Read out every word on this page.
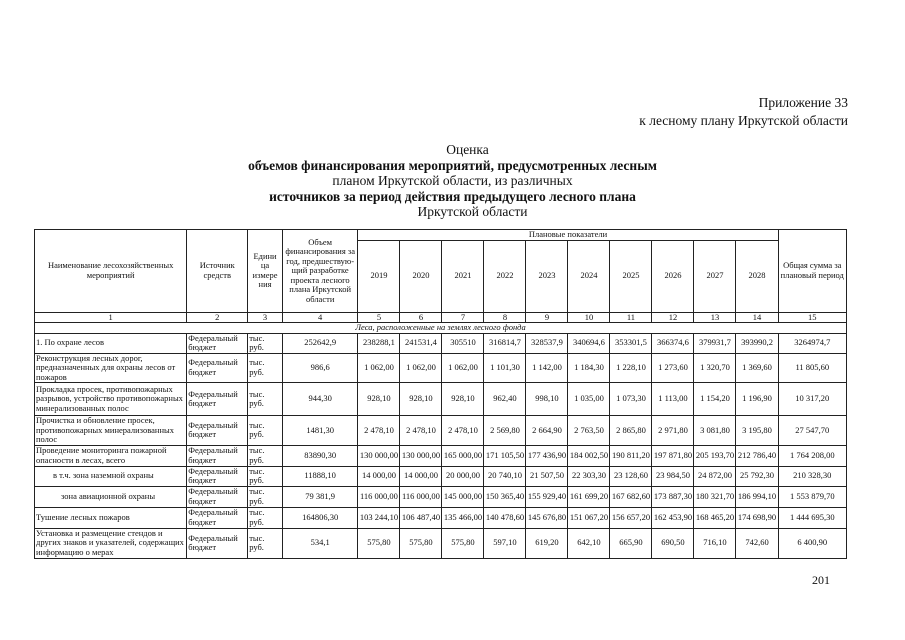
Приложение 33
к лесному плану Иркутской области
Оценка
объемов финансирования мероприятий, предусмотренных лесным
планом Иркутской области, из различных
источников за период действия предыдущего лесного плана
Иркутской области
Наименование лесохозяйственных мероприятий	Источник средств	Едини ца измере ния	Объем финансирования за год, предшествую-щий разработке проекта лесного плана Иркутской области	Плановые показатели										Общая сумма за плановый период
				2019	2020	2021	2022	2023	2024	2025	2026	2027	2028	
1	2	3	4	5	6	7	8	9	10	11	12	13	14	15
Леса, расположенные на землях лесного фонда														
1. По охране лесов	Федеральный бюджет	тыс. руб.	252642,9	238288,1	241531,4	305510	316814,7	328537,9	340694,6	353301,5	366374,6	379931,7	393990,2	3264974,7
Реконструкция лесных дорог, предназначенных для охраны лесов от пожаров	Федеральный бюджет	тыс. руб.	986,6	1 062,00	1 062,00	1 062,00	1 101,30	1 142,00	1 184,30	1 228,10	1 273,60	1 320,70	1 369,60	11 805,60
Прокладка просек, противопожарных разрывов, устройство противопожарных минерализованных полос	Федеральный бюджет	тыс. руб.	944,30	928,10	928,10	928,10	962,40	998,10	1 035,00	1 073,30	1 113,00	1 154,20	1 196,90	10 317,20
Прочистка и обновление просек, противопожарных минерализованных полос	Федеральный бюджет	тыс. руб.	1481,30	2 478,10	2 478,10	2 478,10	2 569,80	2 664,90	2 763,50	2 865,80	2 971,80	3 081,80	3 195,80	27 547,70
Проведение мониторинга пожарной опасности в лесах, всего	Федеральный бюджет	тыс. руб.	83890,30	130 000,00	130 000,00	165 000,00	171 105,50	177 436,90	184 002,50	190 811,20	197 871,80	205 193,70	212 786,40	1 764 208,00
в т.ч. зона наземной охраны	Федеральный бюджет	тыс. руб.	11888,10	14 000,00	14 000,00	20 000,00	20 740,10	21 507,50	22 303,30	23 128,60	23 984,50	24 872,00	25 792,30	210 328,30
зона авиационной охраны	Федеральный бюджет	тыс. руб.	79 381,9	116 000,00	116 000,00	145 000,00	150 365,40	155 929,40	161 699,20	167 682,60	173 887,30	180 321,70	186 994,10	1 553 879,70
Тушение лесных пожаров	Федеральный бюджет	тыс. руб.	164806,30	103 244,10	106 487,40	135 466,00	140 478,60	145 676,80	151 067,20	156 657,20	162 453,90	168 465,20	174 698,90	1 444 695,30
Установка и размещение стендов и других знаков и указателей, содержащих информацию о мерах	Федеральный бюджет	тыс. руб.	534,1	575,80	575,80	575,80	597,10	619,20	642,10	665,90	690,50	716,10	742,60	6 400,90
201
